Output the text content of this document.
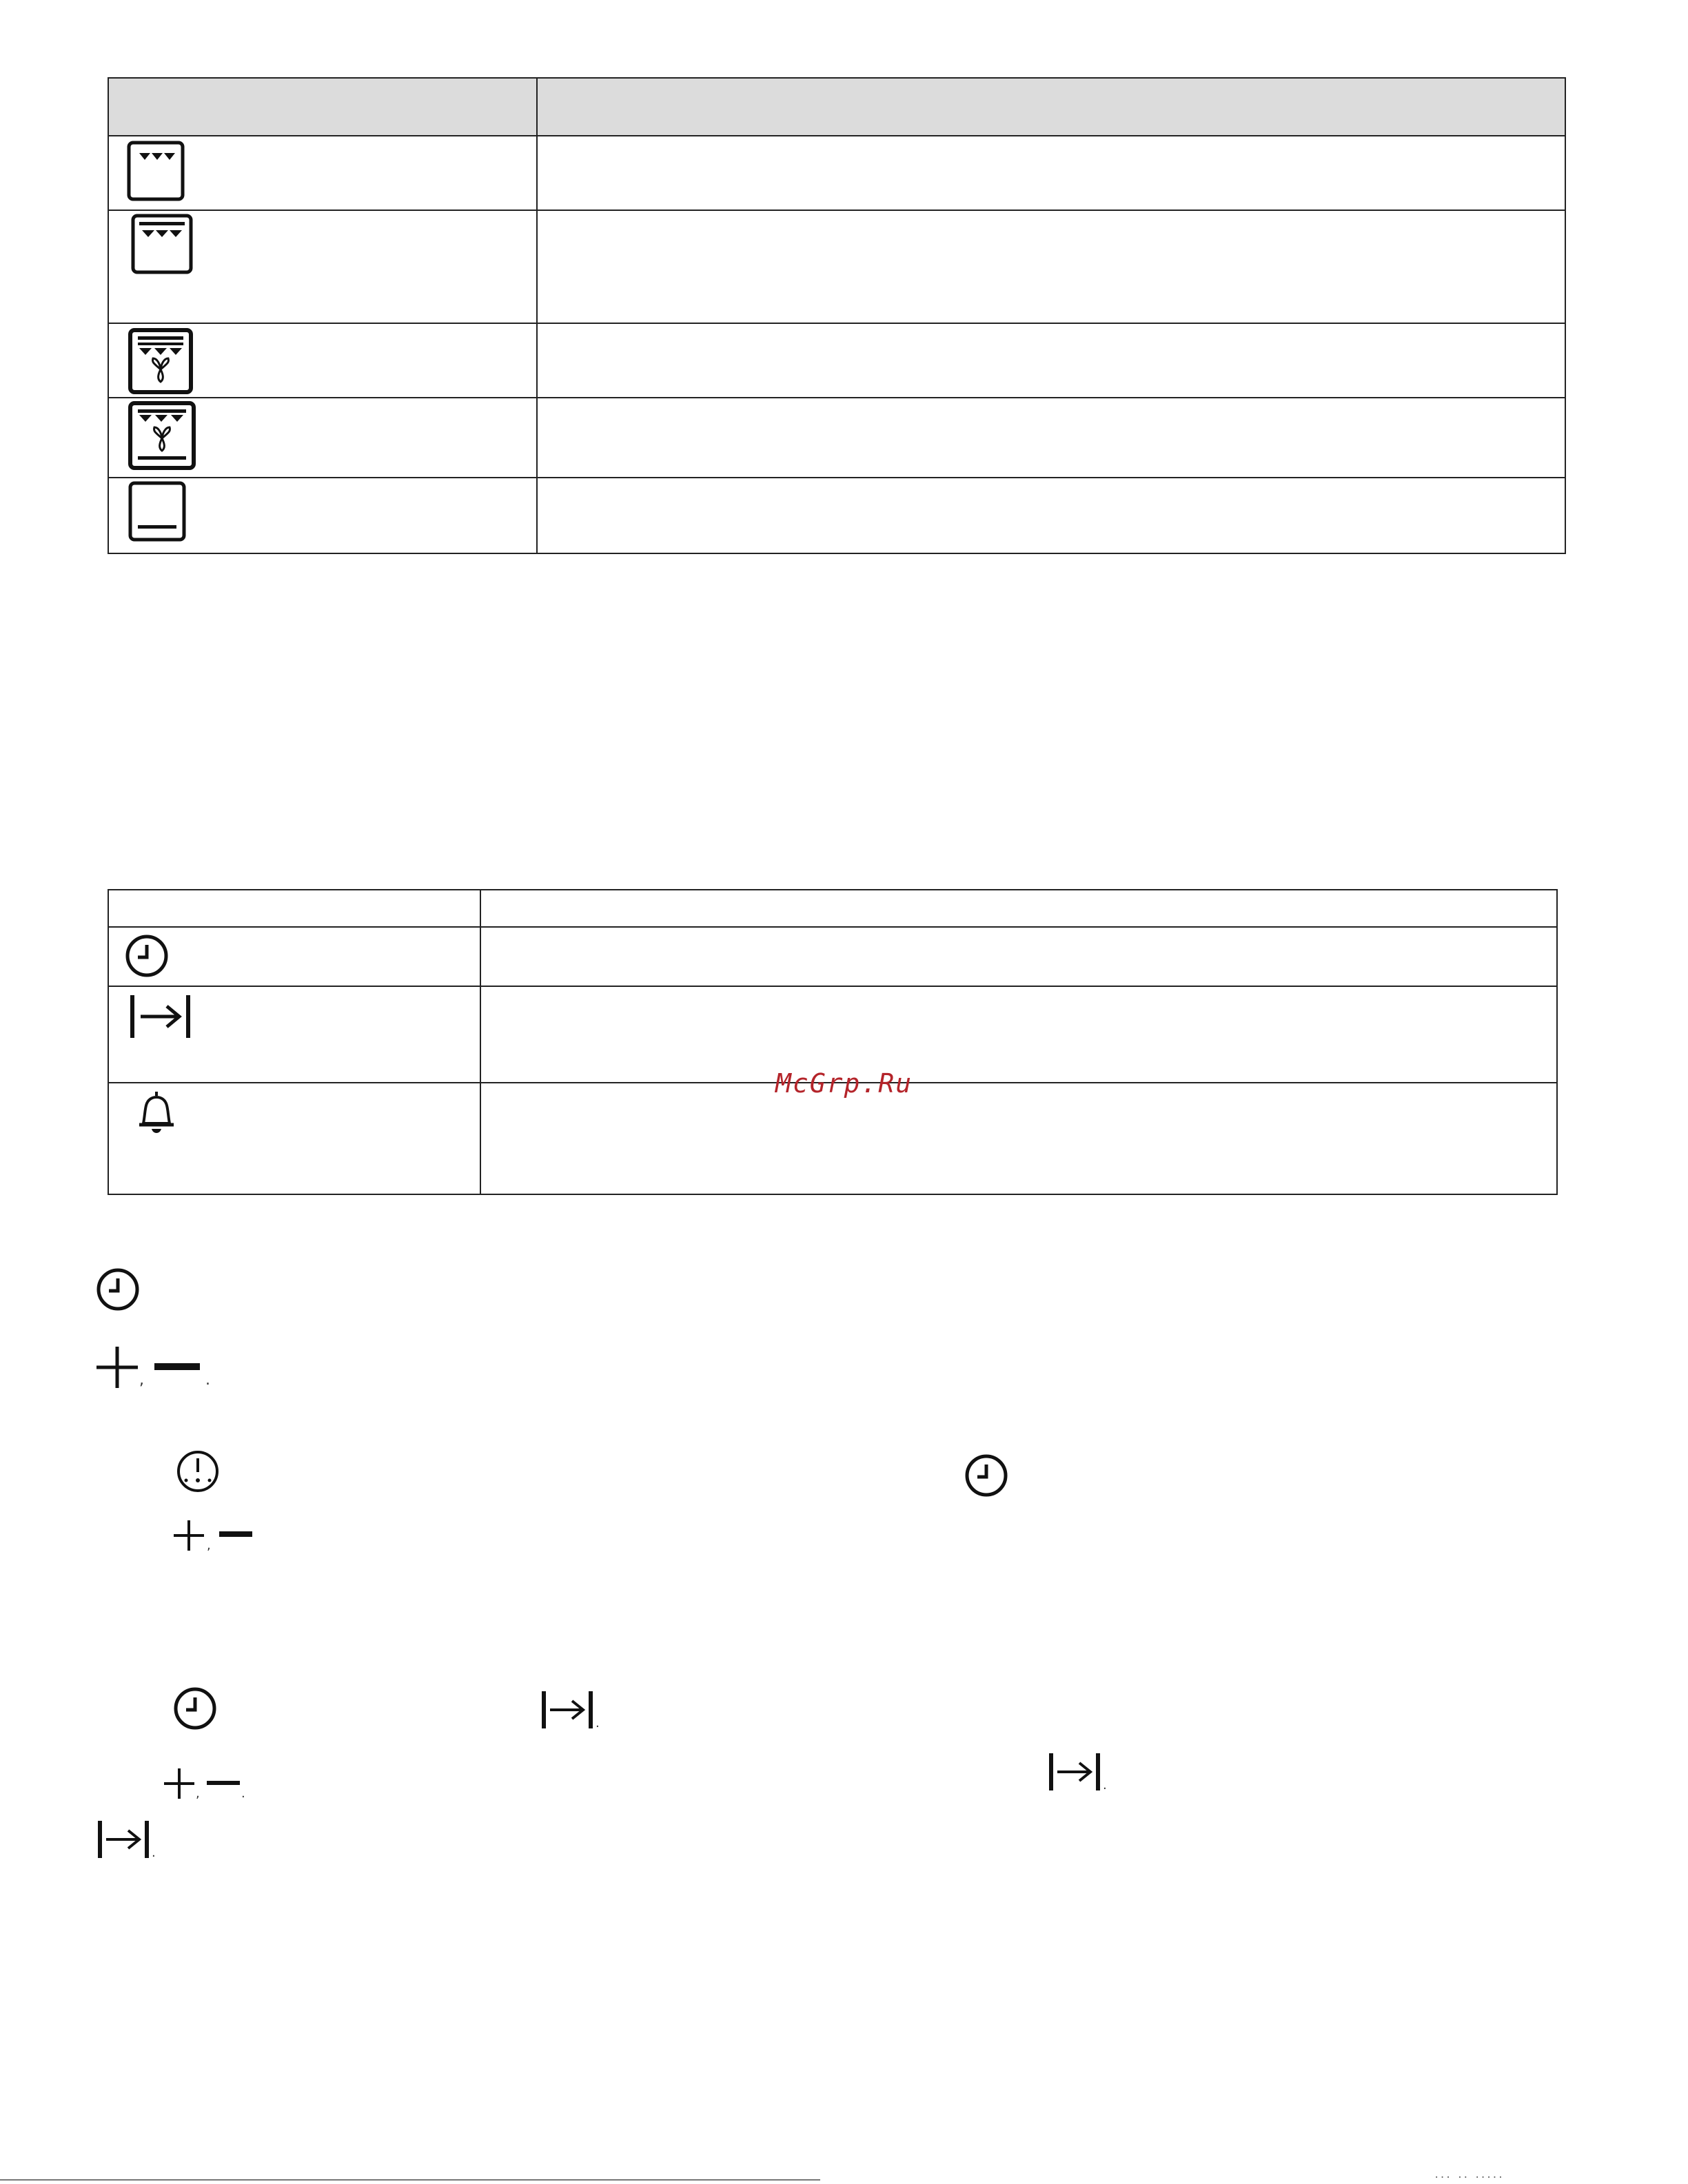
McGrp.Ru
,	.
,
.
,	.
.
.
··· ·· ·····
